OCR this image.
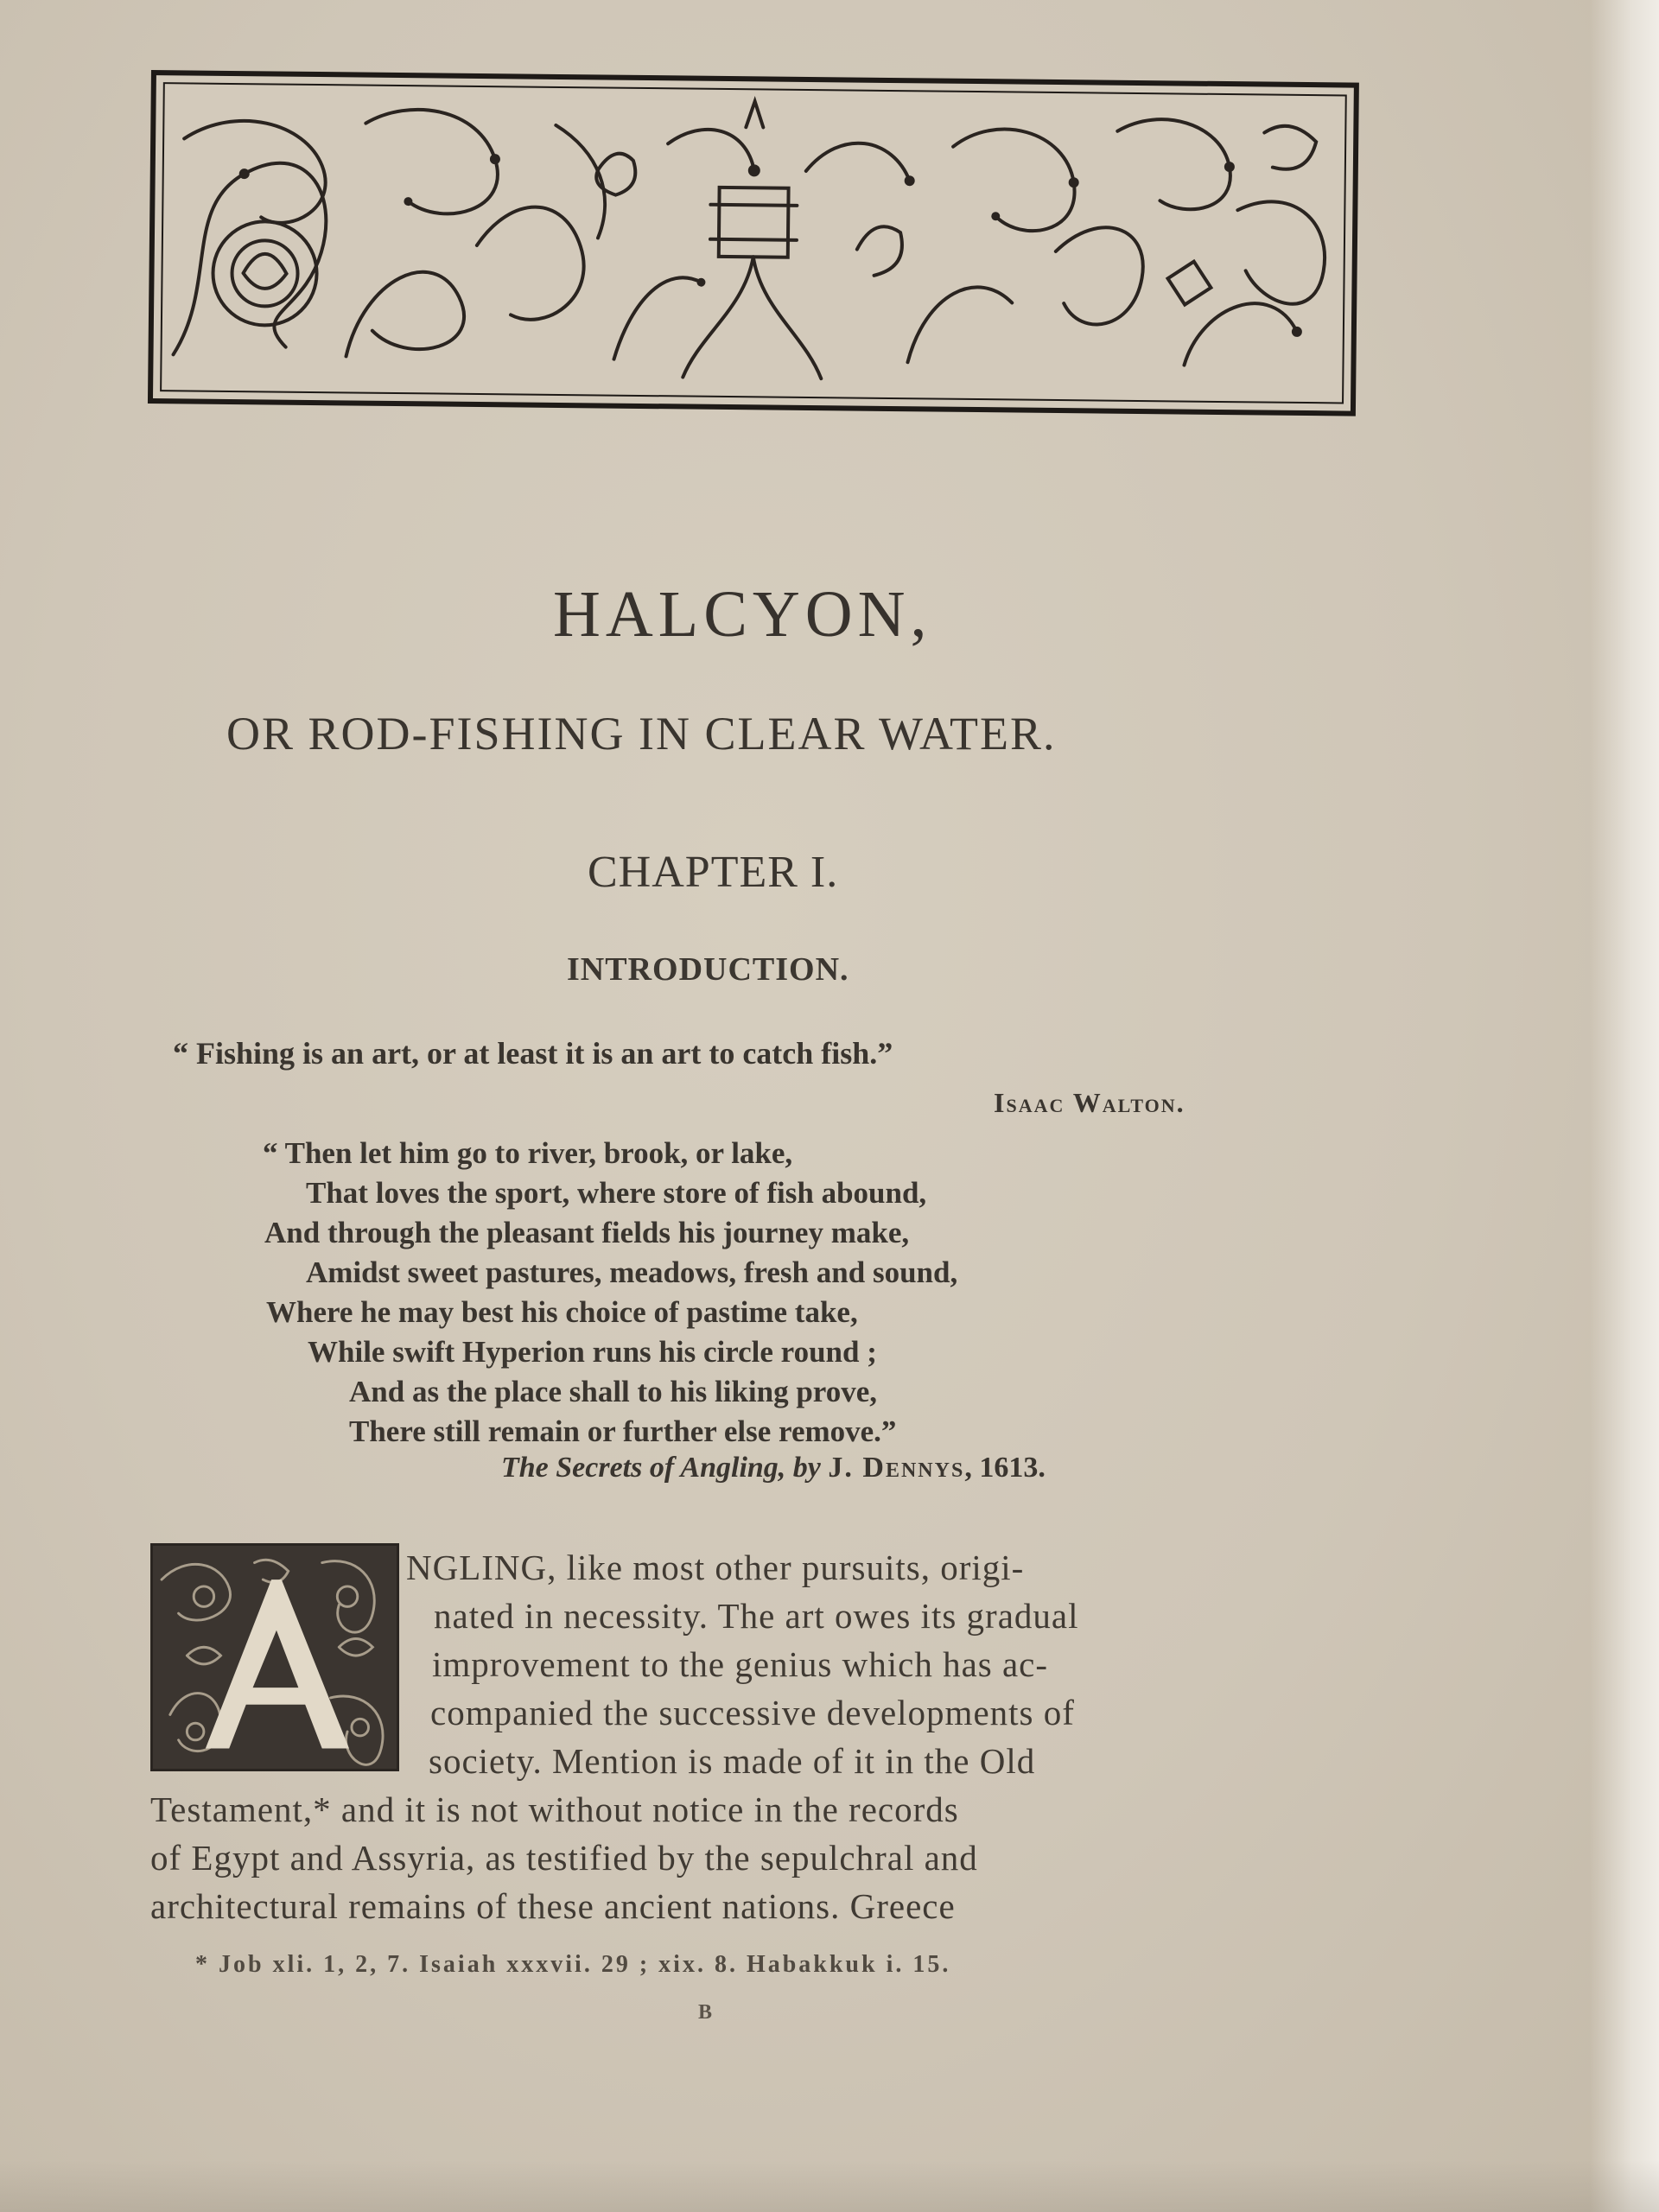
HALCYON,
OR ROD-FISHING IN CLEAR WATER.
CHAPTER I.
INTRODUCTION.
“ Fishing is an art, or at least it is an art to catch fish.”
Isaac Walton.
“ Then let him go to river, brook, or lake,
That loves the sport, where store of fish abound,
And through the pleasant fields his journey make,
Amidst sweet pastures, meadows, fresh and sound,
Where he may best his choice of pastime take,
While swift Hyperion runs his circle round ;
And as the place shall to his liking prove,
There still remain or further else remove.”
The Secrets of Angling, by J. Dennys, 1613.
A
NGLING, like most other pursuits, origi-
nated in necessity. The art owes its gradual
improvement to the genius which has ac-
companied the successive developments of
society. Mention is made of it in the Old
Testament,* and it is not without notice in the records
of Egypt and Assyria, as testified by the sepulchral and
architectural remains of these ancient nations. Greece
* Job xli. 1, 2, 7. Isaiah xxxvii. 29 ; xix. 8. Habakkuk i. 15.
B
